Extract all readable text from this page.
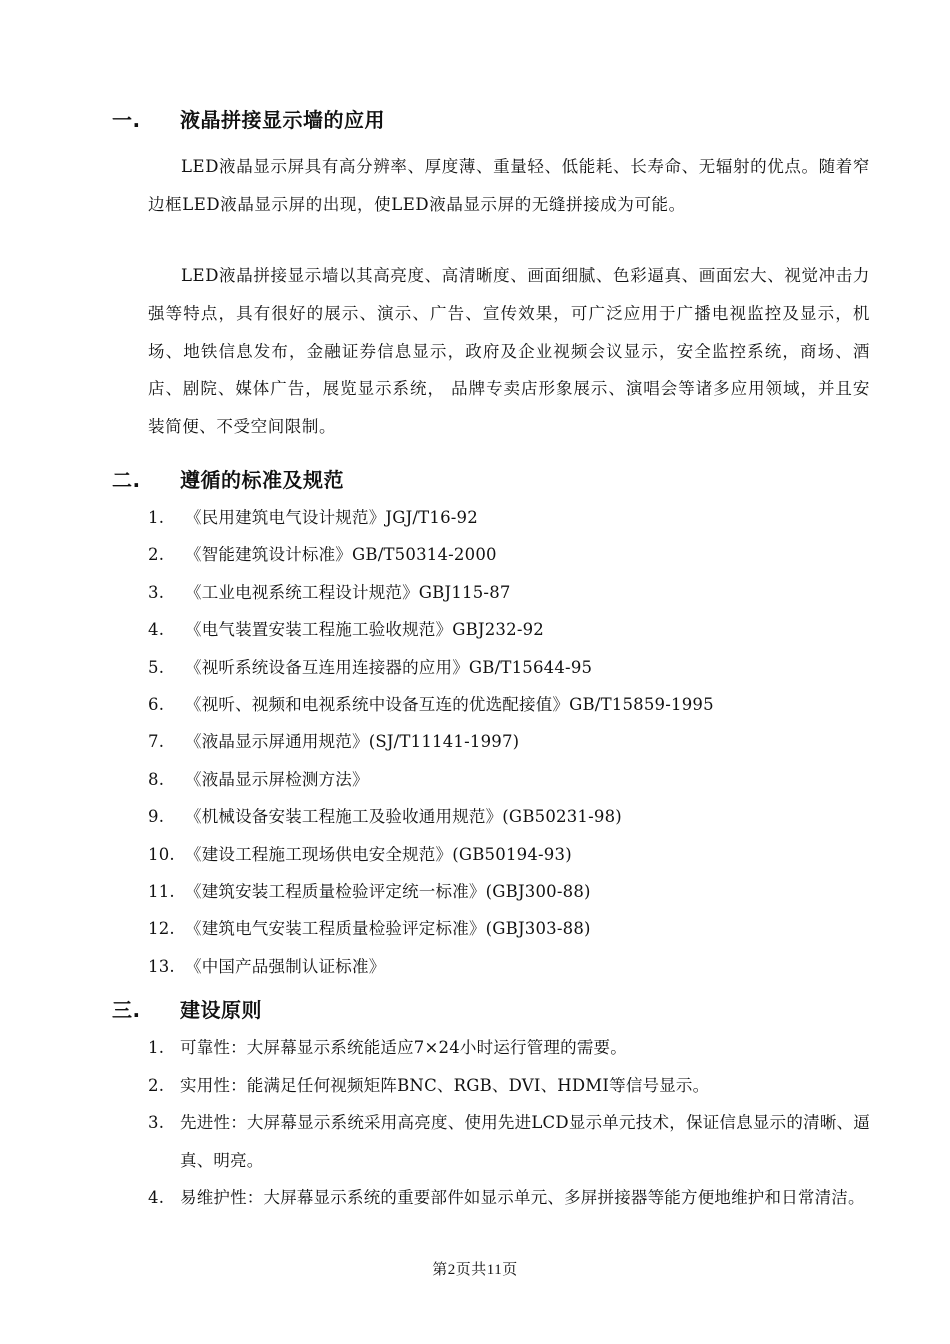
一. 液晶拼接显示墙的应用

LED液晶显示屏具有高分辨率、厚度薄、重量轻、低能耗、长寿命、无辐射的优点。随着窄边框LED液晶显示屏的出现，使LED液晶显示屏的无缝拼接成为可能。

LED液晶拼接显示墙以其高亮度、高清晰度、画面细腻、色彩逼真、画面宏大、视觉冲击力强等特点，具有很好的展示、演示、广告、宣传效果，可广泛应用于广播电视监控及显示，机场、地铁信息发布，金融证券信息显示，政府及企业视频会议显示，安全监控系统，商场、酒店、剧院、媒体广告，展览显示系统， 品牌专卖店形象展示、演唱会等诸多应用领域，并且安装简便、不受空间限制。

二. 遵循的标准及规范
1. 《民用建筑电气设计规范》JGJ/T16-92
2. 《智能建筑设计标准》GB/T50314-2000
3. 《工业电视系统工程设计规范》GBJ115-87
4. 《电气装置安装工程施工验收规范》GBJ232-92
5. 《视听系统设备互连用连接器的应用》GB/T15644-95
6. 《视听、视频和电视系统中设备互连的优选配接值》GB/T15859-1995
7. 《液晶显示屏通用规范》(SJ/T11141-1997)
8. 《液晶显示屏检测方法》
9. 《机械设备安装工程施工及验收通用规范》(GB50231-98)
10. 《建设工程施工现场供电安全规范》(GB50194-93)
11. 《建筑安装工程质量检验评定统一标准》(GBJ300-88)
12. 《建筑电气安装工程质量检验评定标准》(GBJ303-88)
13. 《中国产品强制认证标准》
三. 建设原则
1. 可靠性：大屏幕显示系统能适应7×24小时运行管理的需要。
2. 实用性：能满足任何视频矩阵BNC、RGB、DVI、HDMI等信号显示。
3. 先进性：大屏幕显示系统采用高亮度、使用先进LCD显示单元技术，保证信息显示的清晰、逼真、明亮。
4. 易维护性：大屏幕显示系统的重要部件如显示单元、多屏拼接器等能方便地维护和日常清洁。
第2页共11页
